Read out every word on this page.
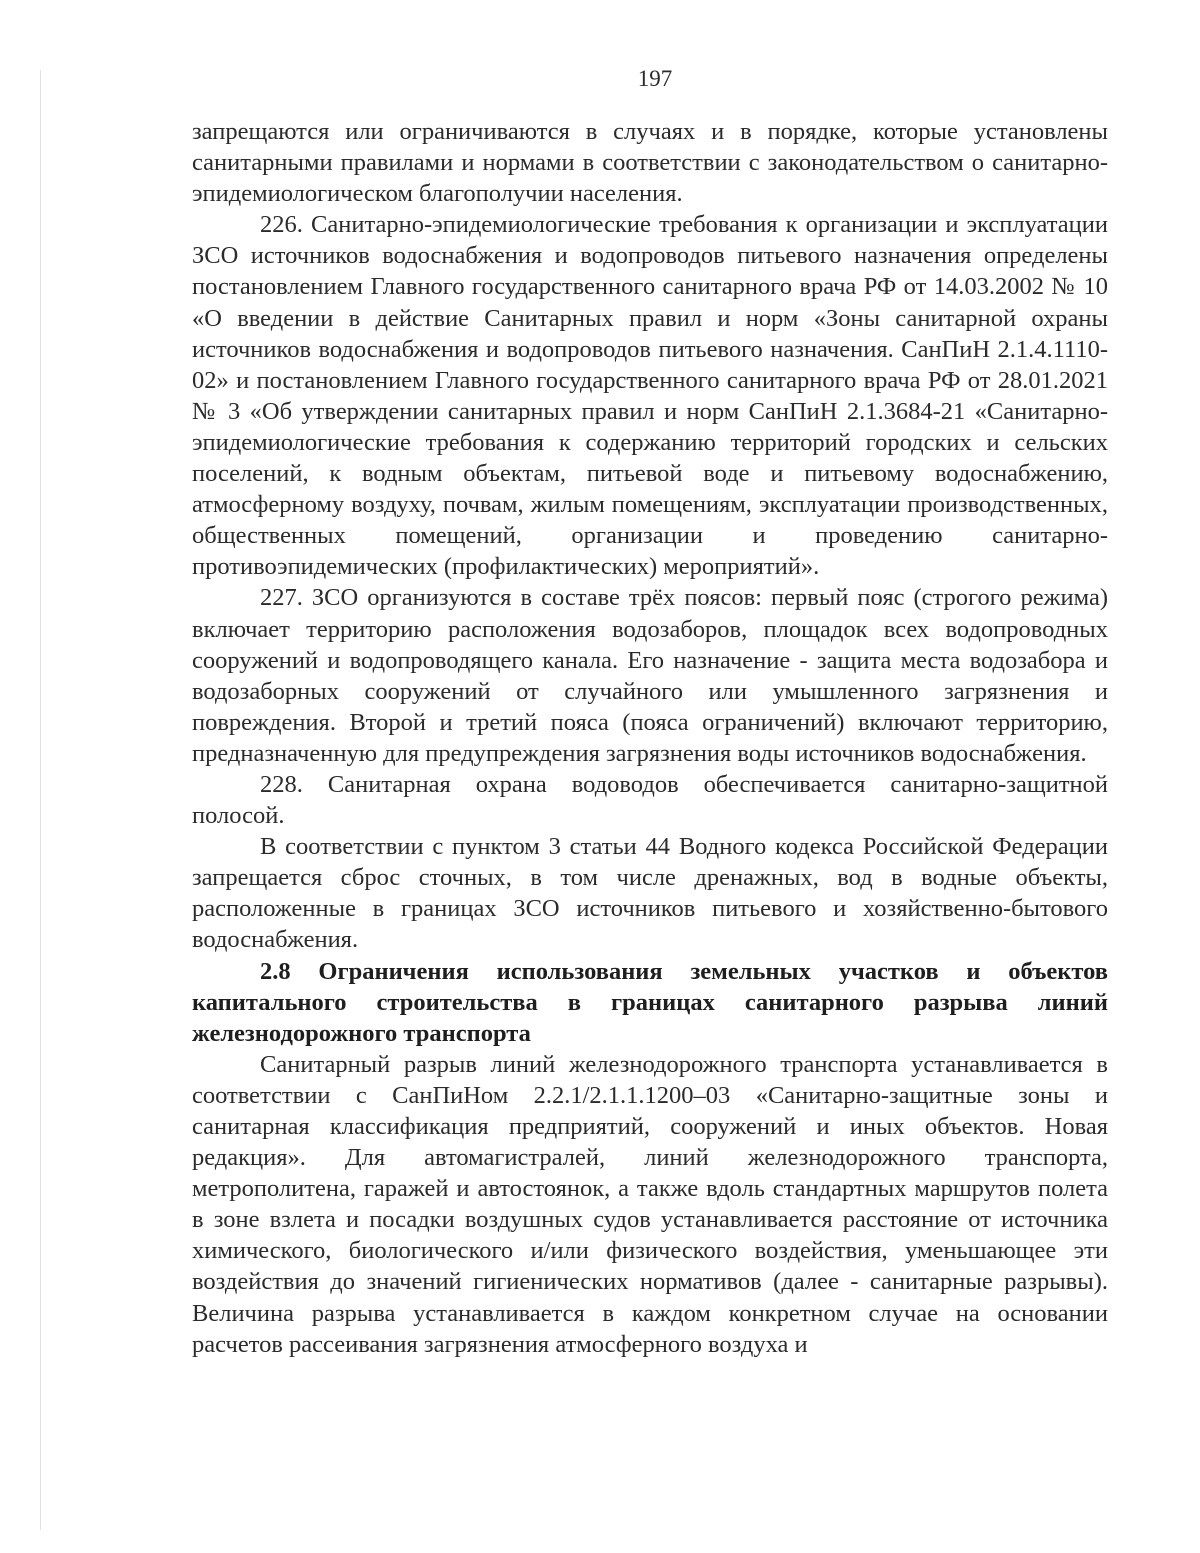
197

запрещаются или ограничиваются в случаях и в порядке, которые установлены санитарными правилами и нормами в соответствии с законодательством о санитарно-эпидемиологическом благополучии населения.

226. Санитарно-эпидемиологические требования к организации и эксплуатации ЗСО источников водоснабжения и водопроводов питьевого назначения определены постановлением Главного государственного санитарного врача РФ от 14.03.2002 № 10 «О введении в действие Санитарных правил и норм «Зоны санитарной охраны источников водоснабжения и водопроводов питьевого назначения. СанПиН 2.1.4.1110-02» и постановлением Главного государственного санитарного врача РФ от 28.01.2021 № 3 «Об утверждении санитарных правил и норм СанПиН 2.1.3684-21 «Санитарно-эпидемиологические требования к содержанию территорий городских и сельских поселений, к водным объектам, питьевой воде и питьевому водоснабжению, атмосферному воздуху, почвам, жилым помещениям, эксплуатации производственных, общественных помещений, организации и проведению санитарно-противоэпидемических (профилактических) мероприятий».

227. ЗСО организуются в составе трёх поясов: первый пояс (строгого режима) включает территорию расположения водозаборов, площадок всех водопроводных сооружений и водопроводящего канала. Его назначение - защита места водозабора и водозаборных сооружений от случайного или умышленного загрязнения и повреждения. Второй и третий пояса (пояса ограничений) включают территорию, предназначенную для предупреждения загрязнения воды источников водоснабжения.

228. Санитарная охрана водоводов обеспечивается санитарно-защитной полосой.

В соответствии с пунктом 3 статьи 44 Водного кодекса Российской Федерации запрещается сброс сточных, в том числе дренажных, вод в водные объекты, расположенные в границах ЗСО источников питьевого и хозяйственно-бытового водоснабжения.

2.8 Ограничения использования земельных участков и объектов капитального строительства в границах санитарного разрыва линий железнодорожного транспорта

Санитарный разрыв линий железнодорожного транспорта устанавливается в соответствии с СанПиНом 2.2.1/2.1.1.1200–03 «Санитарно-защитные зоны и санитарная классификация предприятий, сооружений и иных объектов. Новая редакция». Для автомагистралей, линий железнодорожного транспорта, метрополитена, гаражей и автостоянок, а также вдоль стандартных маршрутов полета в зоне взлета и посадки воздушных судов устанавливается расстояние от источника химического, биологического и/или физического воздействия, уменьшающее эти воздействия до значений гигиенических нормативов (далее - санитарные разрывы). Величина разрыва устанавливается в каждом конкретном случае на основании расчетов рассеивания загрязнения атмосферного воздуха и
